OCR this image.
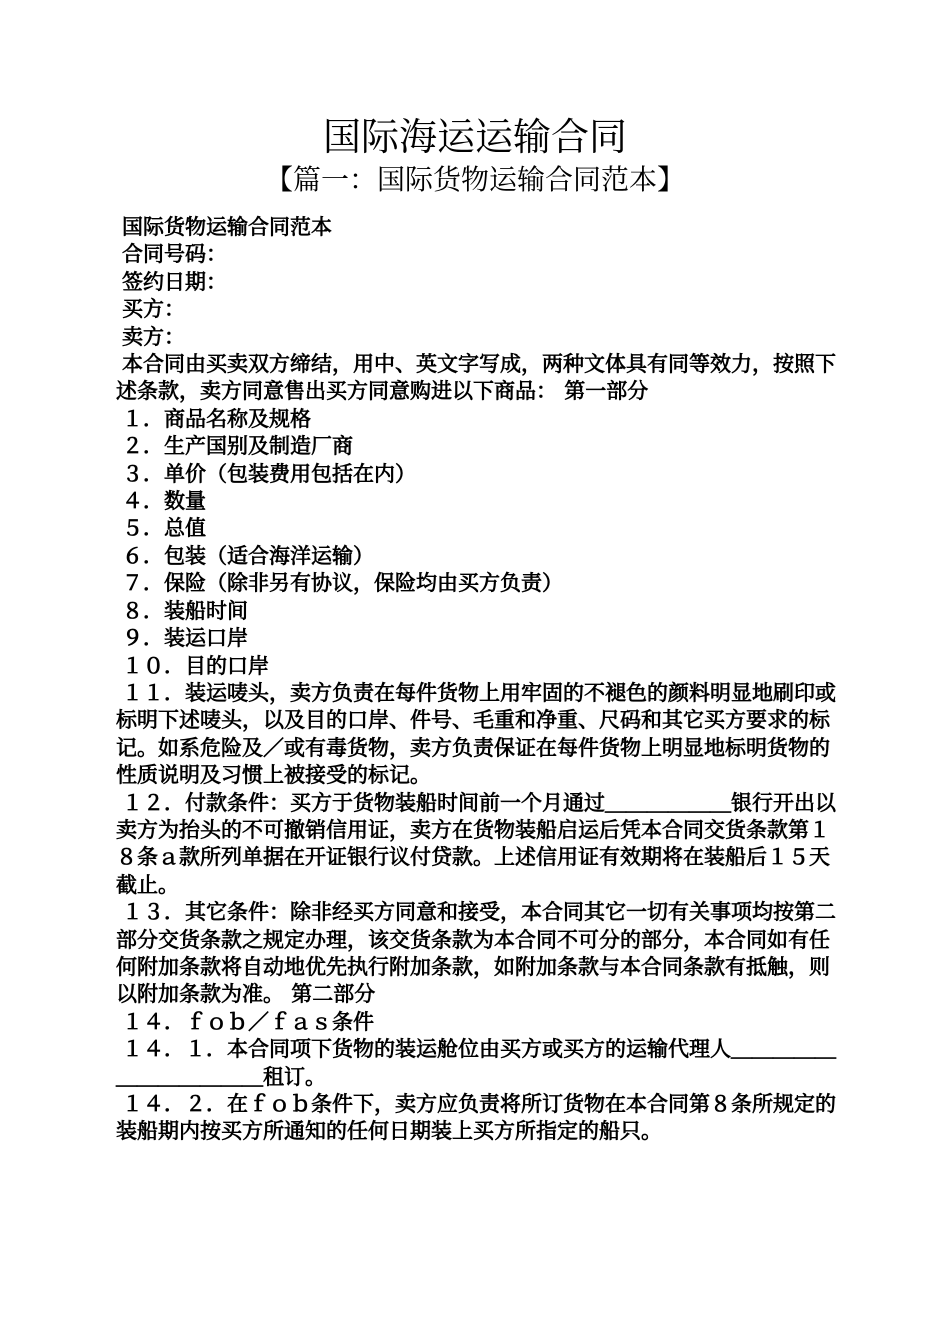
国际海运运输合同
【篇一：国际货物运输合同范本】

国际货物运输合同范本

合同号码：

签约日期：

买方：

卖方：

本合同由买卖双方缔结，用中、英文字写成，两种文体具有同等效力，按照下述条款，卖方同意售出买方同意购进以下商品： 第一部分

１．商品名称及规格

２．生产国别及制造厂商

３．单价（包装费用包括在内）

４．数量

５．总值

６．包装（适合海洋运输）

７．保险（除非另有协议，保险均由买方负责）

８．装船时间

９．装运口岸

１０．目的口岸

１１．装运唛头，卖方负责在每件货物上用牢固的不褪色的颜料明显地刷印或标明下述唛头，以及目的口岸、件号、毛重和净重、尺码和其它买方要求的标记。如系危险及／或有毒货物，卖方负责保证在每件货物上明显地标明货物的性质说明及习惯上被接受的标记。

１２．付款条件：买方于货物装船时间前一个月通过＿＿＿＿＿＿银行开出以卖方为抬头的不可撤销信用证，卖方在货物装船启运后凭本合同交货条款第１８条ａ款所列单据在开证银行议付贷款。上述信用证有效期将在装船后１５天截止。

１３．其它条件：除非经买方同意和接受，本合同其它一切有关事项均按第二部分交货条款之规定办理，该交货条款为本合同不可分的部分，本合同如有任何附加条款将自动地优先执行附加条款，如附加条款与本合同条款有抵触，则以附加条款为准。 第二部分

１４．ｆｏｂ／ｆａｓ条件

１４．１．本合同项下货物的装运舱位由买方或买方的运输代理人＿＿＿＿＿＿＿＿＿＿＿＿租订。

１４．２．在ｆｏｂ条件下，卖方应负责将所订货物在本合同第８条所规定的装船期内按买方所通知的任何日期装上买方所指定的船只。
